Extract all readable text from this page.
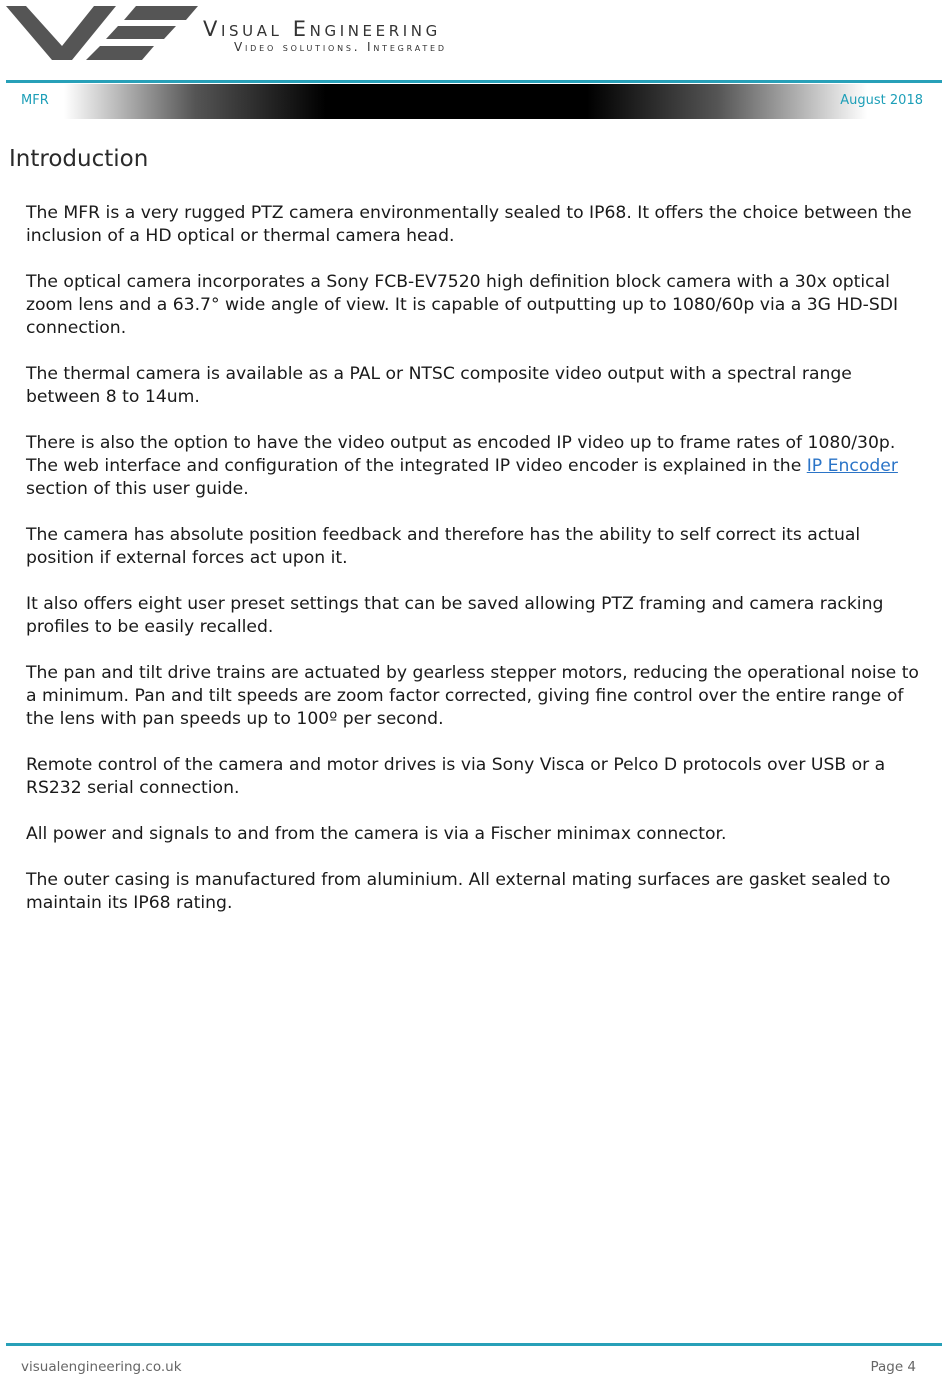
Visual Engineering
Video solutions. Integrated
MFR	August 2018
Introduction

The MFR is a very rugged PTZ camera environmentally sealed to IP68. It offers the choice between the inclusion of a HD optical or thermal camera head.

The optical camera incorporates a Sony FCB-EV7520 high definition block camera with a 30x optical zoom lens and a 63.7° wide angle of view. It is capable of outputting up to 1080/60p via a 3G HD-SDI connection.

The thermal camera is available as a PAL or NTSC composite video output with a spectral range between 8 to 14um.

There is also the option to have the video output as encoded IP video up to frame rates of 1080/30p. The web interface and configuration of the integrated IP video encoder is explained in the IP Encoder section of this user guide.

The camera has absolute position feedback and therefore has the ability to self correct its actual position if external forces act upon it.

It also offers eight user preset settings that can be saved allowing PTZ framing and camera racking profiles to be easily recalled.

The pan and tilt drive trains are actuated by gearless stepper motors, reducing the operational noise to a minimum. Pan and tilt speeds are zoom factor corrected, giving fine control over the entire range of the lens with pan speeds up to 100º per second.

Remote control of the camera and motor drives is via Sony Visca or Pelco D protocols over USB or a RS232 serial connection.

All power and signals to and from the camera is via a Fischer minimax connector.

The outer casing is manufactured from aluminium. All external mating surfaces are gasket sealed to maintain its IP68 rating.

visualengineering.co.uk	Page 4
